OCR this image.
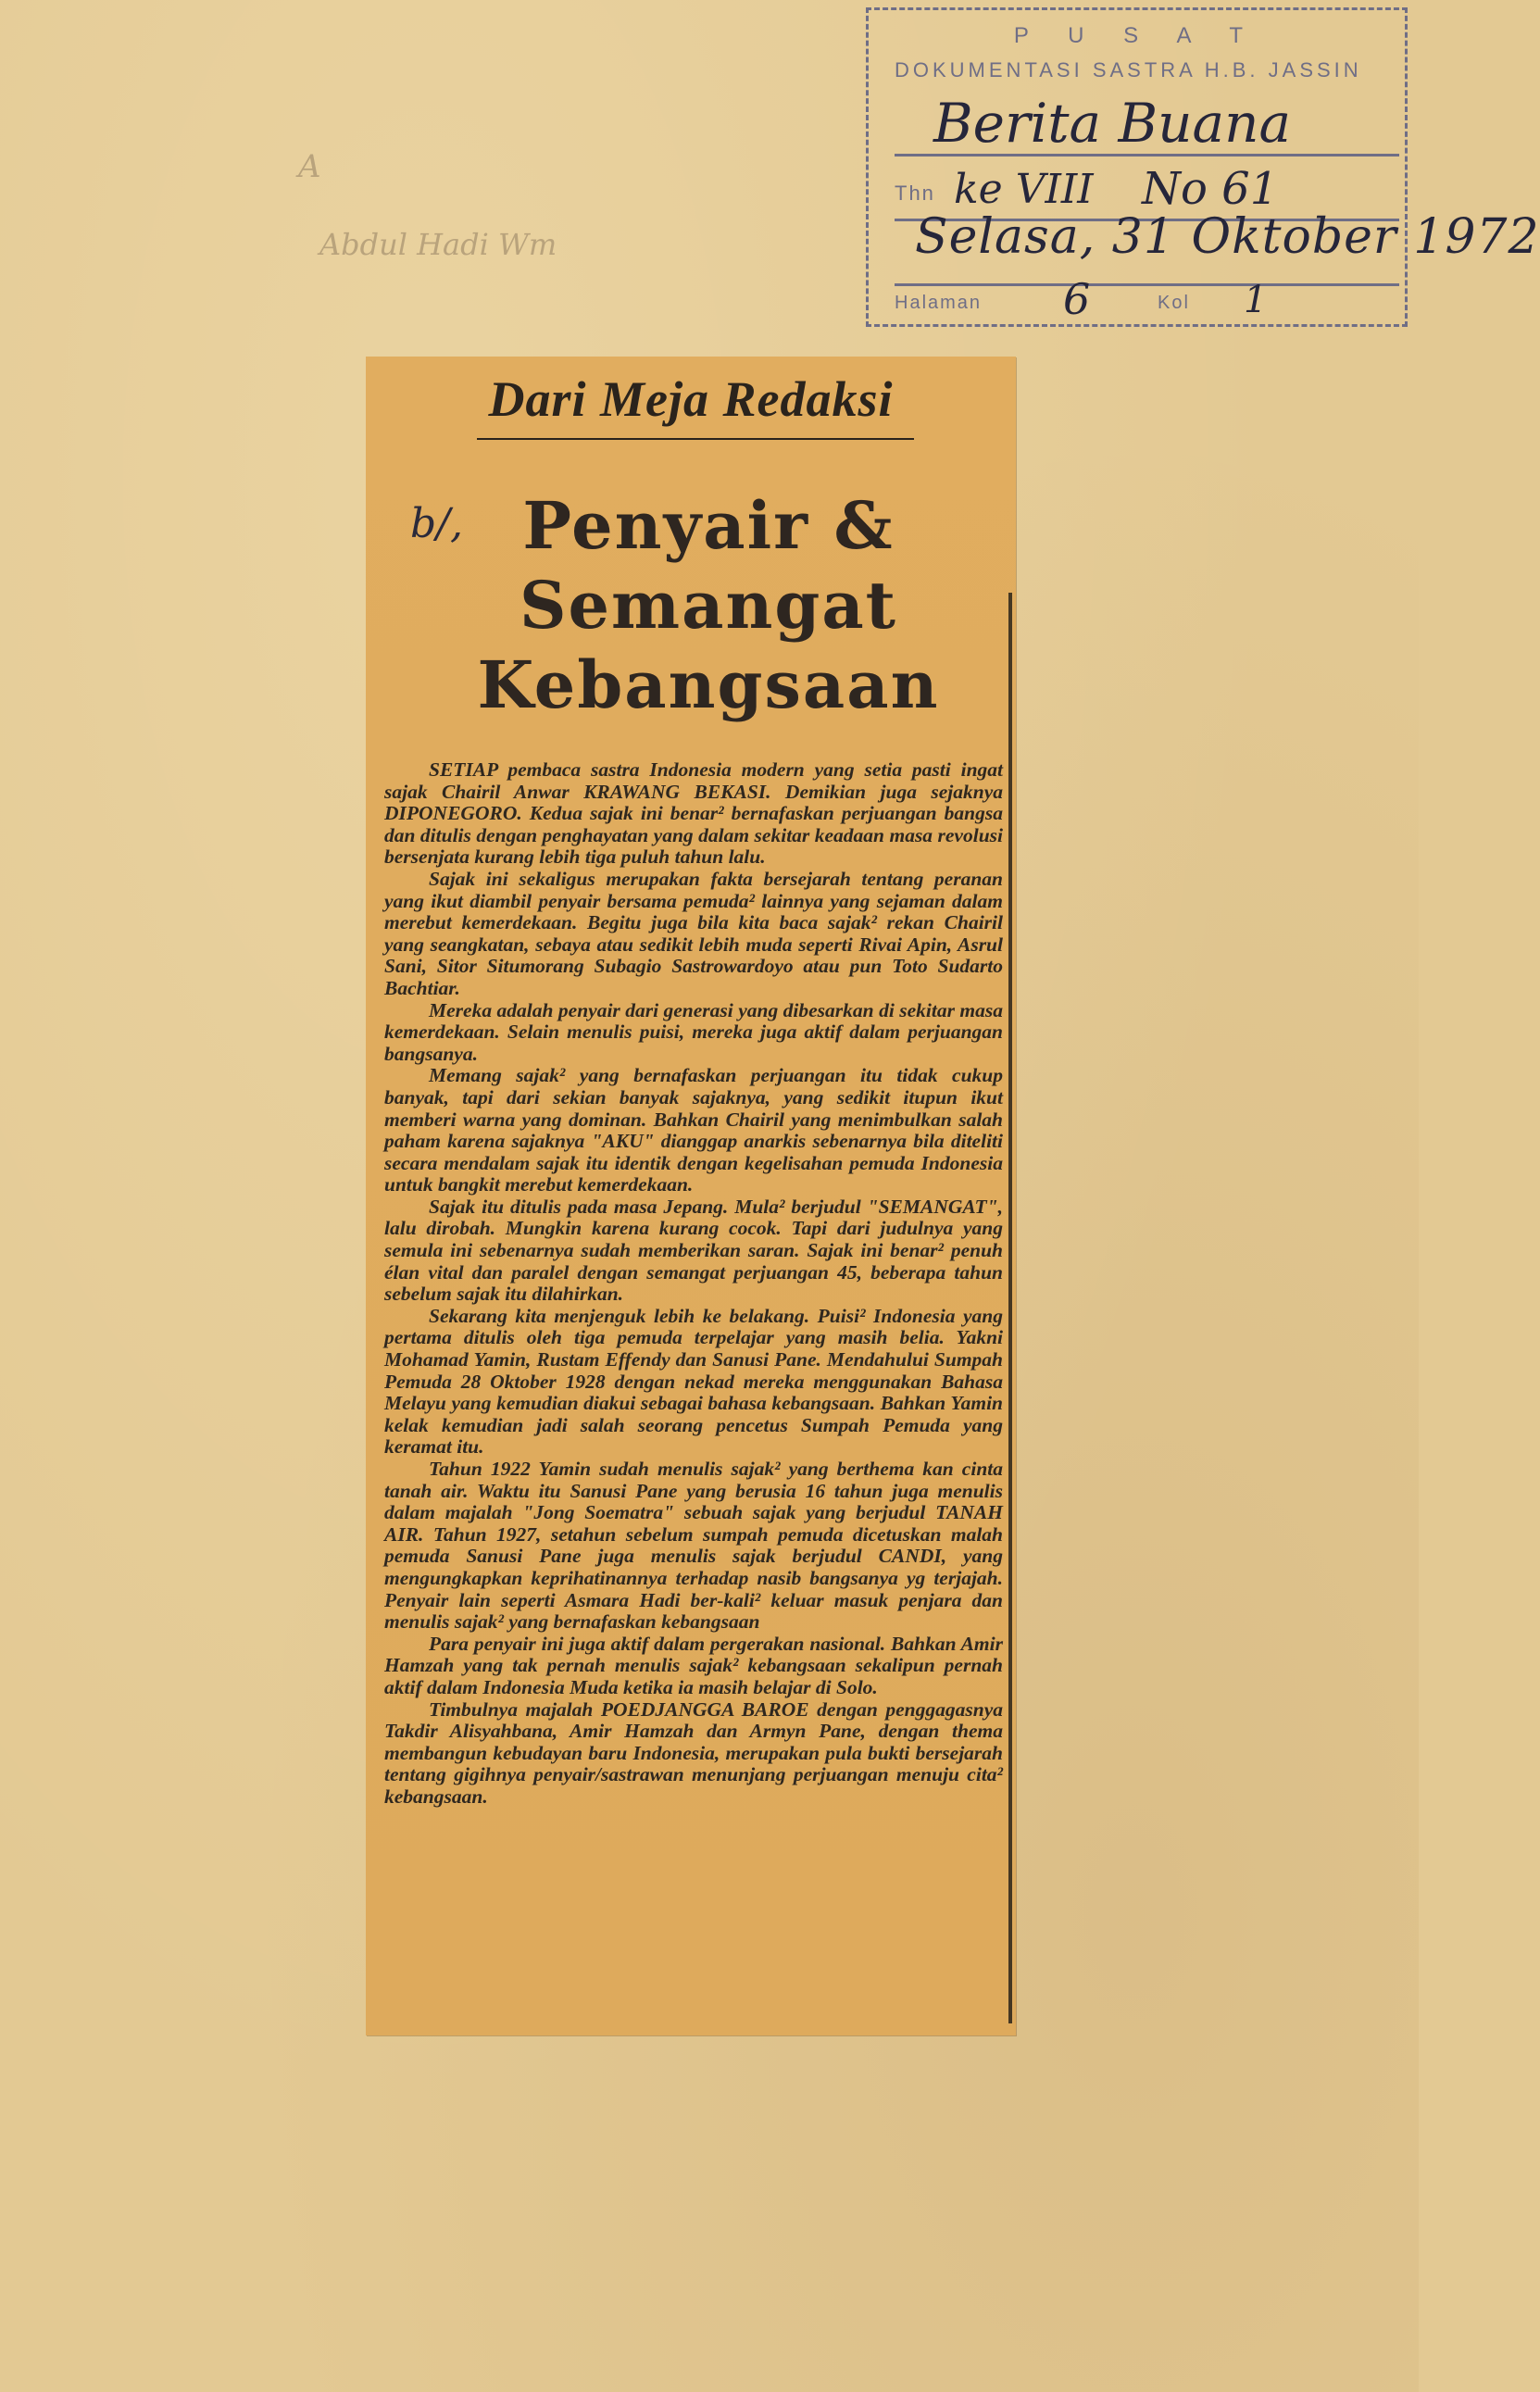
A
Abdul Hadi Wm
P U S A T
DOKUMENTASI SASTRA H.B. JASSIN
Berita Buana
Thn ke VIII No 61
Selasa, 31 Oktober 1972
Halaman 6	Kol 1
Dari Meja Redaksi
b/, Penyair &
Semangat
Kebangsaan

SETIAP pembaca sastra Indonesia modern yang setia pasti ingat sajak Chairil Anwar KRAWANG BEKASI. Demikian juga sejaknya DIPONEGORO. Kedua sajak ini benar² bernafaskan perjuangan bangsa dan ditulis dengan penghayatan yang dalam sekitar keadaan masa revolusi bersenjata kurang lebih tiga puluh tahun lalu.

Sajak ini sekaligus merupakan fakta bersejarah tentang peranan yang ikut diambil penyair bersama pemuda² lainnya yang sejaman dalam merebut kemerdekaan. Begitu juga bila kita baca sajak² rekan Chairil yang seangkatan, sebaya atau sedikit lebih muda seperti Rivai Apin, Asrul Sani, Sitor Situmorang Subagio Sastrowardoyo atau pun Toto Sudarto Bachtiar.

Mereka adalah penyair dari generasi yang dibesarkan di sekitar masa kemerdekaan. Selain menulis puisi, mereka juga aktif dalam perjuangan bangsanya.

Memang sajak² yang bernafaskan perjuangan itu tidak cukup banyak, tapi dari sekian banyak sajaknya, yang sedikit itupun ikut memberi warna yang dominan. Bahkan Chairil yang menimbulkan salah paham karena sajaknya "AKU" dianggap anarkis sebenarnya bila diteliti secara mendalam sajak itu identik dengan kegelisahan pemuda Indonesia untuk bangkit merebut kemerdekaan.

Sajak itu ditulis pada masa Jepang. Mula² berjudul "SEMANGAT", lalu dirobah. Mungkin karena kurang cocok. Tapi dari judulnya yang semula ini sebenarnya sudah memberikan saran. Sajak ini benar² penuh élan vital dan paralel dengan semangat perjuangan 45, beberapa tahun sebelum sajak itu dilahirkan.

Sekarang kita menjenguk lebih ke belakang. Puisi² Indonesia yang pertama ditulis oleh tiga pemuda terpelajar yang masih belia. Yakni Mohamad Yamin, Rustam Effendy dan Sanusi Pane. Mendahului Sumpah Pemuda 28 Oktober 1928 dengan nekad mereka menggunakan Bahasa Melayu yang kemudian diakui sebagai bahasa kebangsaan. Bahkan Yamin kelak kemudian jadi salah seorang pencetus Sumpah Pemuda yang keramat itu.

Tahun 1922 Yamin sudah menulis sajak² yang berthema kan cinta tanah air. Waktu itu Sanusi Pane yang berusia 16 tahun juga menulis dalam majalah "Jong Soematra" sebuah sajak yang berjudul TANAH AIR. Tahun 1927, setahun sebelum sumpah pemuda dicetuskan malah pemuda Sanusi Pane juga menulis sajak berjudul CANDI, yang mengungkapkan keprihatinannya terhadap nasib bangsanya yg terjajah. Penyair lain seperti Asmara Hadi ber-kali² keluar masuk penjara dan menulis sajak² yang bernafaskan kebangsaan

Para penyair ini juga aktif dalam pergerakan nasional. Bahkan Amir Hamzah yang tak pernah menulis sajak² kebangsaan sekalipun pernah aktif dalam Indonesia Muda ketika ia masih belajar di Solo.

Timbulnya majalah POEDJANGGA BAROE dengan penggagasnya Takdir Alisyahbana, Amir Hamzah dan Armyn Pane, dengan thema membangun kebudayan baru Indonesia, merupakan pula bukti bersejarah tentang gigihnya penyair/sastrawan menunjang perjuangan menuju cita² kebangsaan.
